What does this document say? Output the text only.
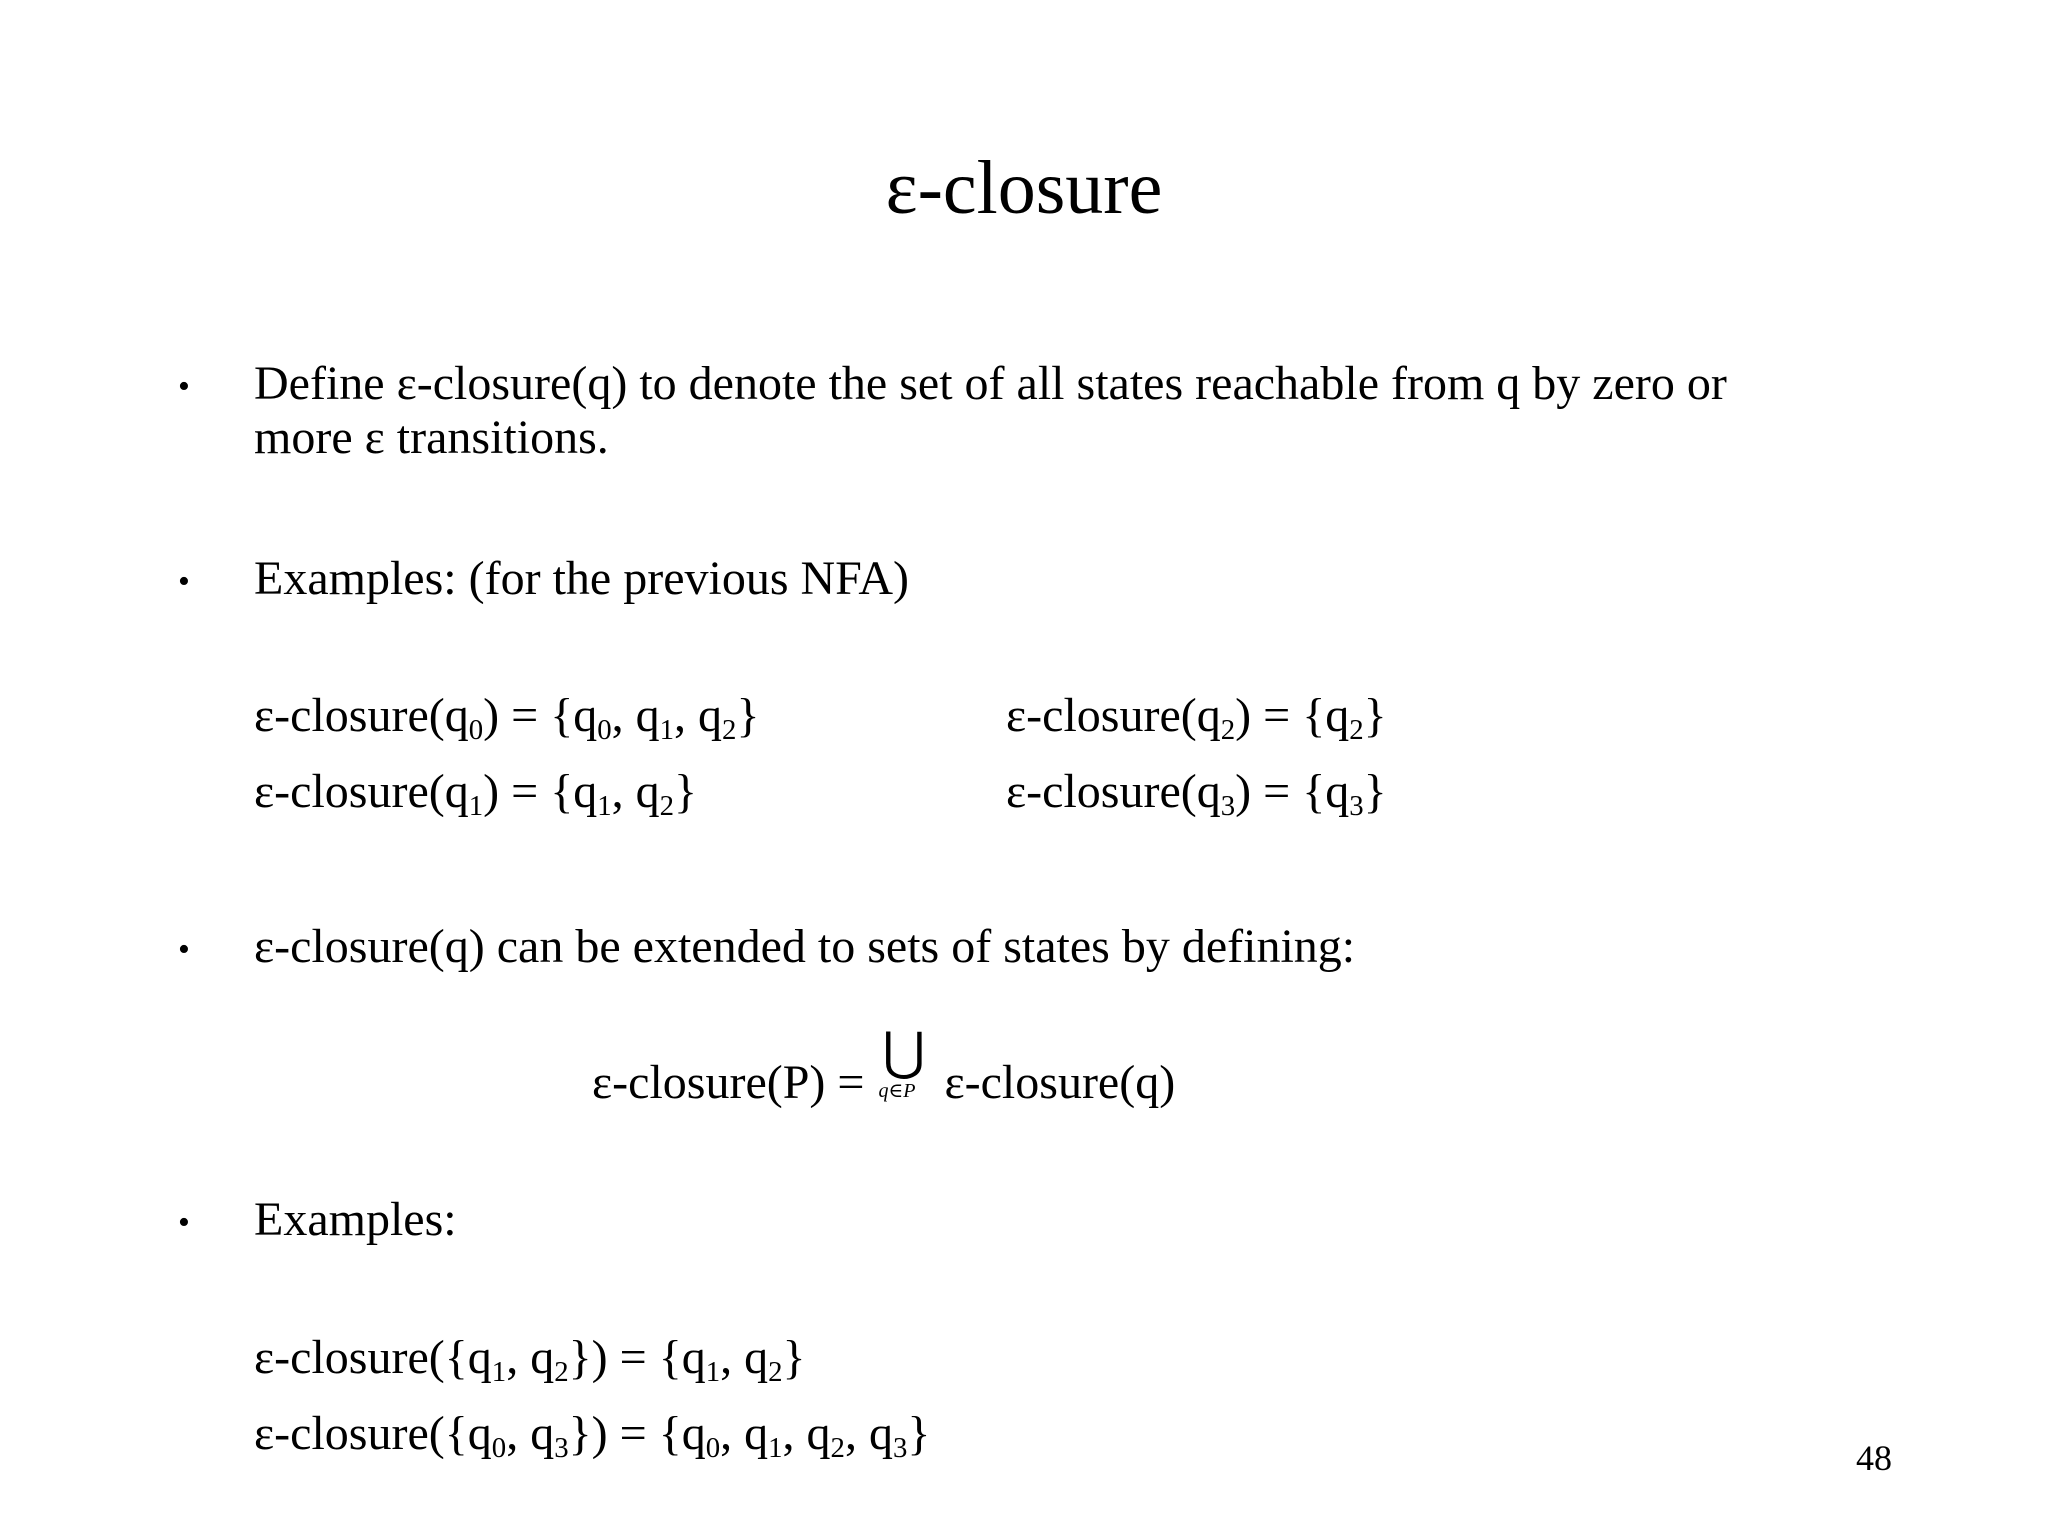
ε-closure
• Define ε-closure(q) to denote the set of all states reachable from q by zero or
more ε transitions.
• Examples: (for the previous NFA)
$\varepsilon-closure(q_0) = \{q_0$, $q_1$, $q_2$}	$\varepsilon-closure(q_2) = \{q_2\}$
$\varepsilon-closure(q_1) = \{q_1$, $q_2$}	$\varepsilon-closure(q_3) = \{q_3\}$
• ε-closure(q) can be extended to sets of states by defining:
ε-closure(P) =
⋃
q∈P ε-closure(q)
• Examples:
$\varepsilon-closure(\{q_1$, $q_2\}) = \{q_1$, $q_2$}
$\varepsilon-closure(\{q_0$, $q_3\}) = \{q_0$, $q_1$, $q_2$, $q_3$}	48
